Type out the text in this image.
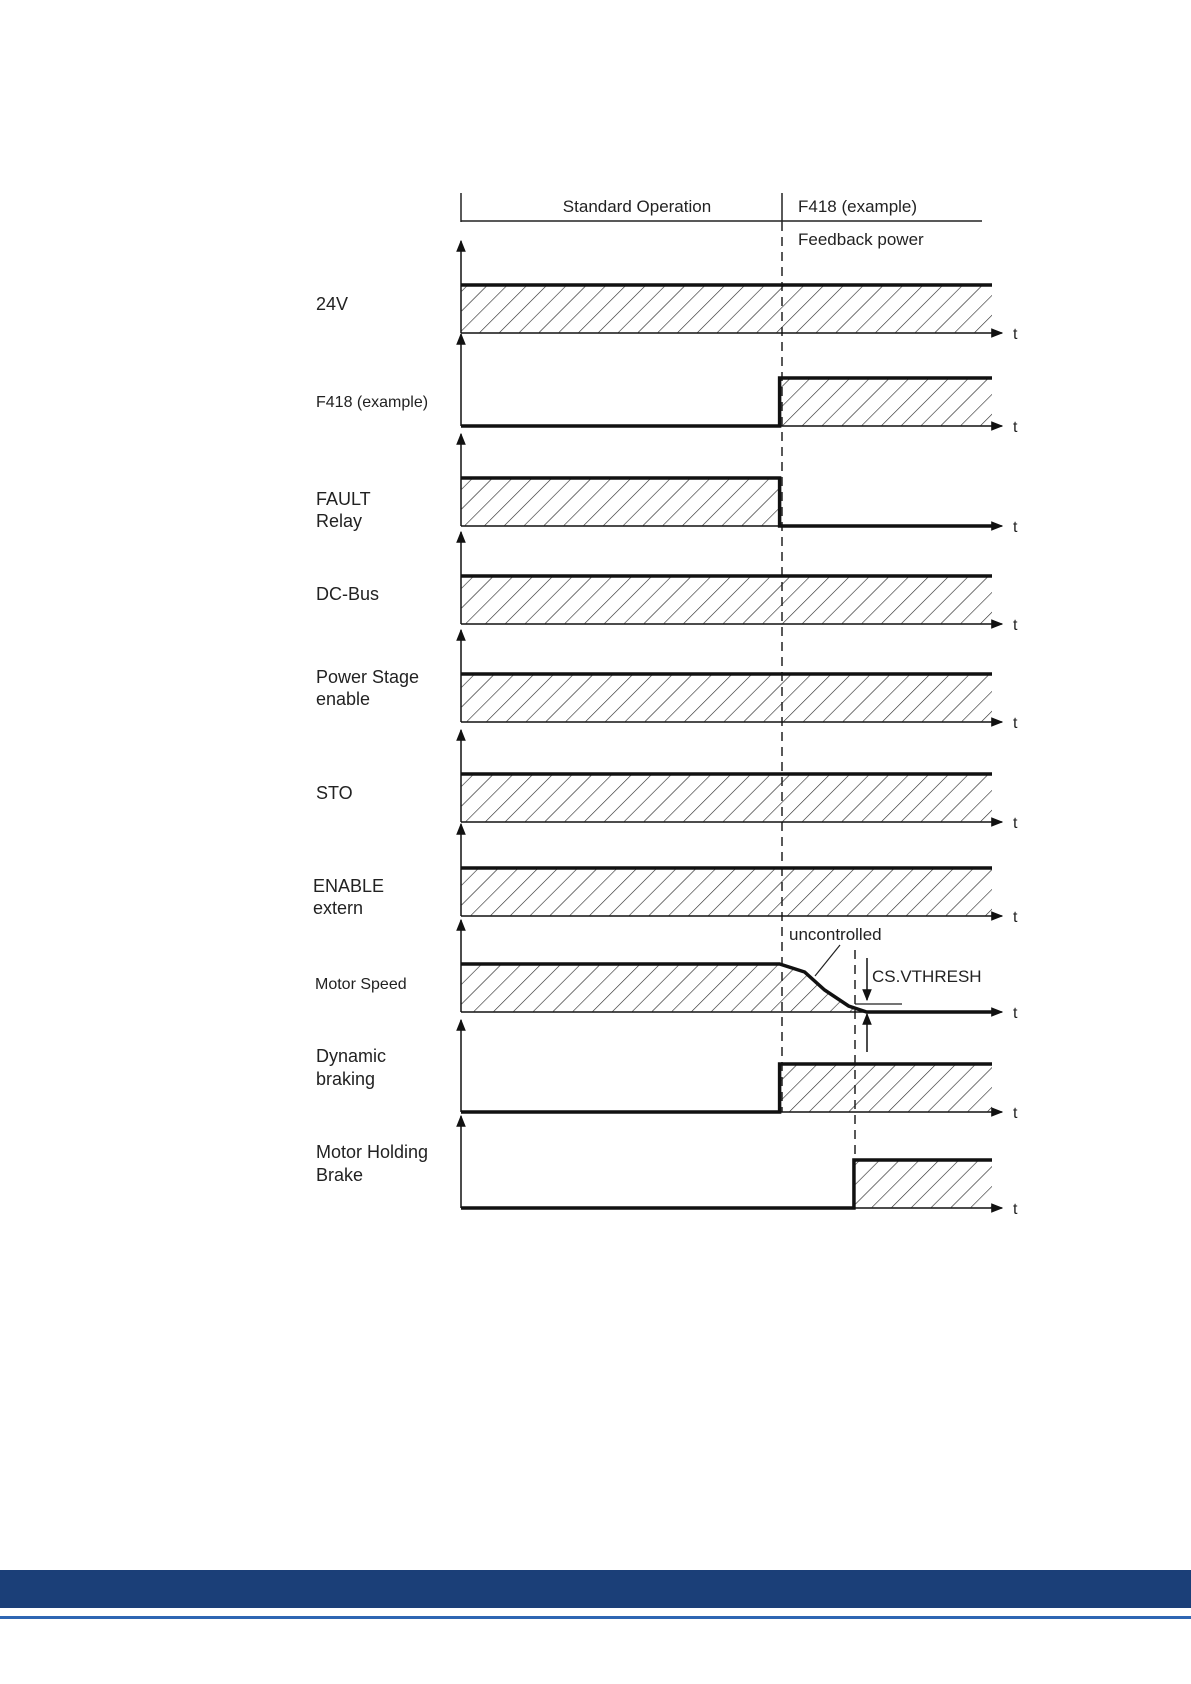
Standard Operation	F418 (example)
Feedback power
24V
t
F418 (example)
t
FAULT
Relay	t
DC-Bus
t
Power Stage
enable
t
STO
t
ENABLE
extern	t
Motor Speed
t
Dynamic
braking
t
Motor Holding
Brake
t
uncontrolled
CS.VTHRESH
